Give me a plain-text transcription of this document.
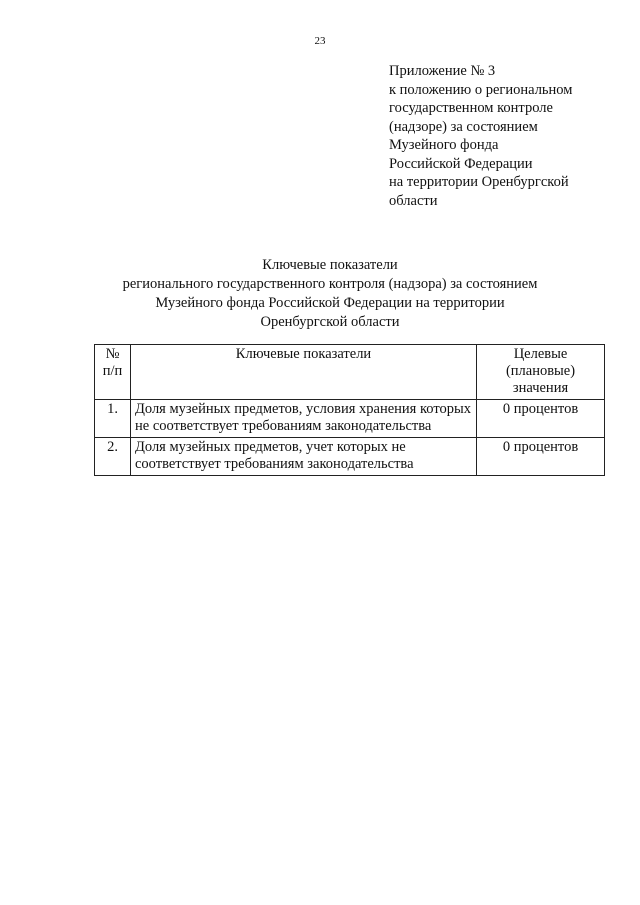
23
Приложение № 3
к положению о региональном
государственном контроле
(надзоре) за состоянием
Музейного фонда
Российской Федерации
на территории Оренбургской
области
Ключевые показатели
регионального государственного контроля (надзора) за состоянием
Музейного фонда Российской Федерации на территории
Оренбургской области
№ п/п	Ключевые показатели	Целевые (плановые) значения
1.	Доля музейных предметов, условия хранения которых не соответствует требованиям законодательства	0 процентов
2.	Доля музейных предметов, учет которых не соответствует требованиям законодательства	0 процентов
